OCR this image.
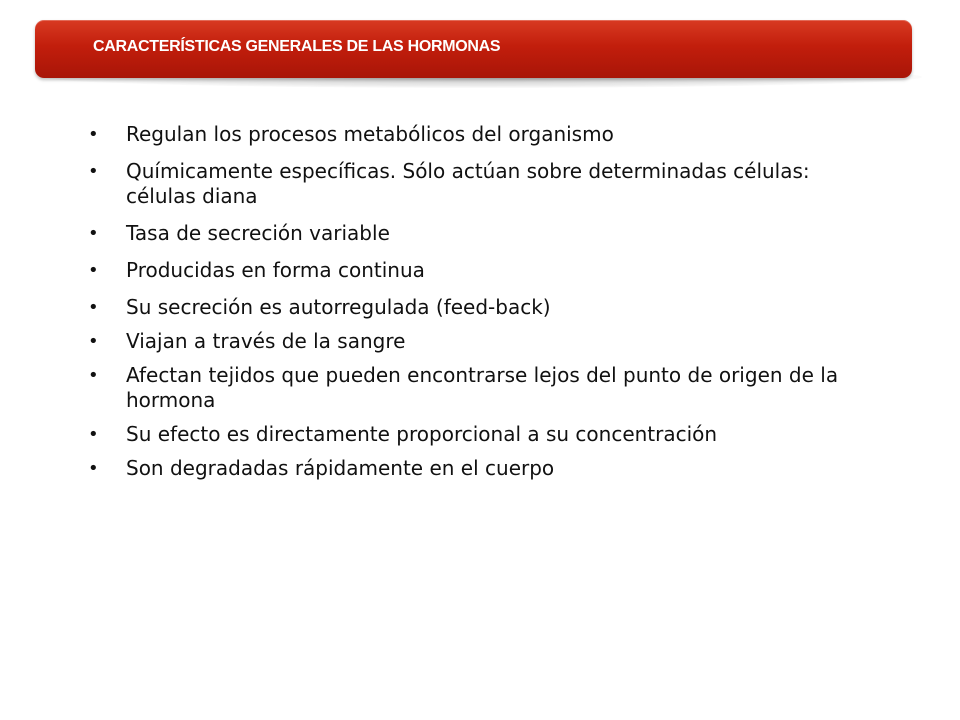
CARACTERÍSTICAS GENERALES DE LAS HORMONAS
• Regulan los procesos metabólicos del organismo
• Químicamente específicas. Sólo actúan sobre determinadas células: células diana
• Tasa de secreción variable
• Producidas en forma continua
• Su secreción es autorregulada (feed-back)
• Viajan a través de la sangre
• Afectan tejidos que pueden encontrarse lejos del punto de origen de la hormona
• Su efecto es directamente proporcional a su concentración
• Son degradadas rápidamente en el cuerpo
